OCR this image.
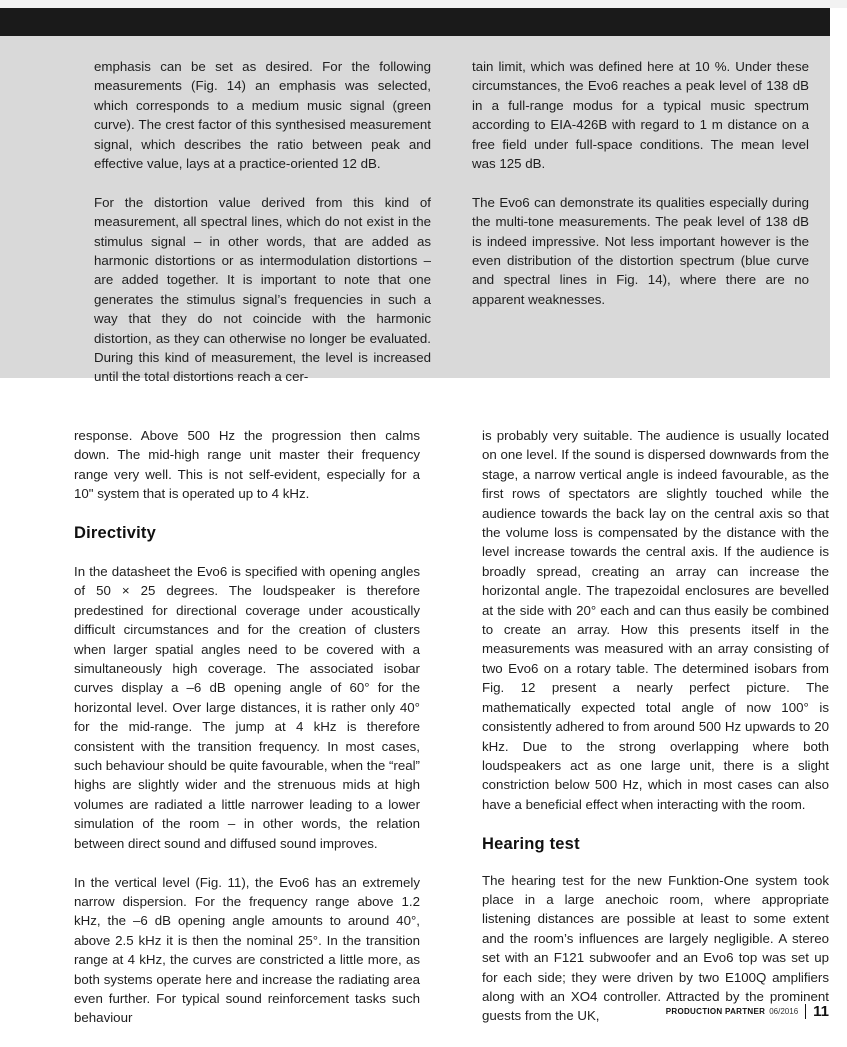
emphasis can be set as desired. For the following measurements (Fig. 14) an emphasis was selected, which corresponds to a medium music signal (green curve). The crest factor of this synthesised measurement signal, which describes the ratio between peak and effective value, lays at a practice-oriented 12 dB.

For the distortion value derived from this kind of measurement, all spectral lines, which do not exist in the stimulus signal – in other words, that are added as harmonic distortions or as intermodulation distortions – are added together. It is important to note that one generates the stimulus signal’s frequencies in such a way that they do not coincide with the harmonic distortion, as they can otherwise no longer be evaluated. During this kind of measurement, the level is increased until the total distortions reach a cer-

tain limit, which was defined here at 10 %. Under these circumstances, the Evo6 reaches a peak level of 138 dB in a full-range modus for a typical music spectrum according to EIA-426B with regard to 1 m distance on a free field under full-space conditions. The mean level was 125 dB.

The Evo6 can demonstrate its qualities especially during the multi-tone measurements. The peak level of 138 dB is indeed impressive. Not less important however is the even distribution of the distortion spectrum (blue curve and spectral lines in Fig. 14), where there are no apparent weaknesses.

response. Above 500 Hz the progression then calms down. The mid-high range unit master their frequency range very well. This is not self-evident, especially for a 10" system that is operated up to 4 kHz.

Directivity

In the datasheet the Evo6 is specified with opening angles of 50 × 25 degrees. The loudspeaker is therefore predestined for directional coverage under acoustically difficult circumstances and for the creation of clusters when larger spatial angles need to be covered with a simultaneously high coverage. The associated isobar curves display a –6 dB opening angle of 60° for the horizontal level. Over large distances, it is rather only 40° for the mid-range. The jump at 4 kHz is therefore consistent with the transition frequency. In most cases, such behaviour should be quite favourable, when the “real” highs are slightly wider and the strenuous mids at high volumes are radiated a little narrower leading to a lower simulation of the room – in other words, the relation between direct sound and diffused sound improves.

In the vertical level (Fig. 11), the Evo6 has an extremely narrow dispersion. For the frequency range above 1.2 kHz, the –6 dB opening angle amounts to around 40°, above 2.5 kHz it is then the nominal 25°. In the transition range at 4 kHz, the curves are constricted a little more, as both systems operate here and increase the radiating area even further. For typical sound reinforcement tasks such behaviour

is probably very suitable. The audience is usually located on one level. If the sound is dispersed downwards from the stage, a narrow vertical angle is indeed favourable, as the first rows of spectators are slightly touched while the audience towards the back lay on the central axis so that the volume loss is compensated by the distance with the level increase towards the central axis. If the audience is broadly spread, creating an array can increase the horizontal angle. The trapezoidal enclosures are bevelled at the side with 20° each and can thus easily be combined to create an array. How this presents itself in the measurements was measured with an array consisting of two Evo6 on a rotary table. The determined isobars from Fig. 12 present a nearly perfect picture. The mathematically expected total angle of now 100° is consistently adhered to from around 500 Hz upwards to 20 kHz. Due to the strong overlapping where both loudspeakers act as one large unit, there is a slight constriction below 500 Hz, which in most cases can also have a beneficial effect when interacting with the room.

Hearing test

The hearing test for the new Funktion-One system took place in a large anechoic room, where appropriate listening distances are possible at least to some extent and the room’s influences are largely negligible. A stereo set with an F121 subwoofer and an Evo6 top was set up for each side; they were driven by two E100Q amplifiers along with an XO4 controller. Attracted by the prominent guests from the UK,	PRODUCTION PARTNER 06/2016 11
